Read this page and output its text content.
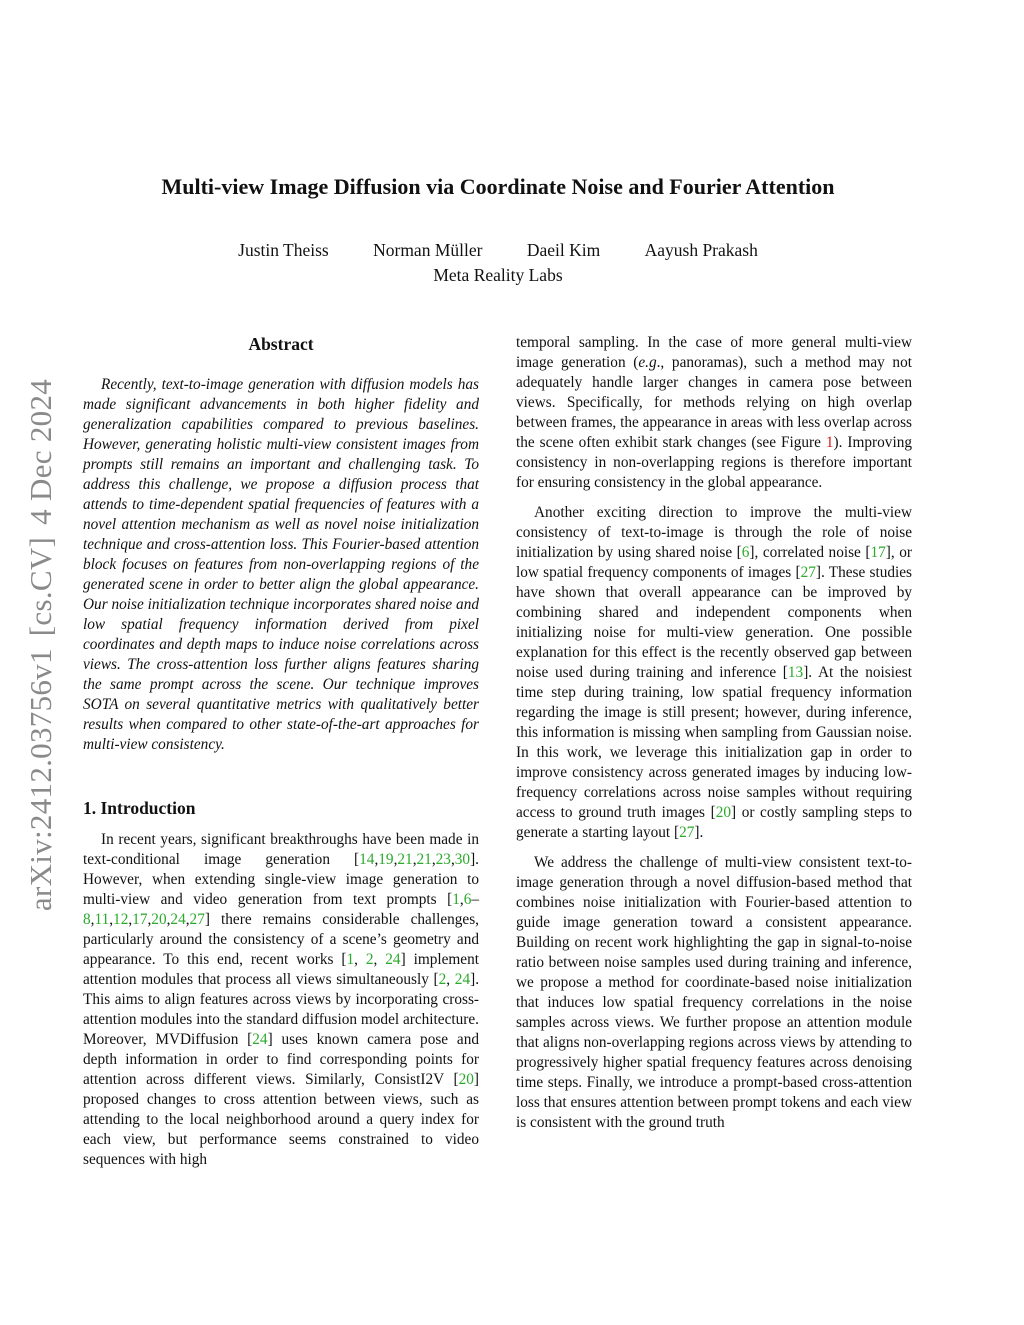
arXiv:2412.03756v1[cs.CV]4 Dec 2024
Multi-view Image Diffusion via Coordinate Noise and Fourier Attention
Justin Theiss	Norman Müller	Daeil Kim	Aayush Prakash
Meta Reality Labs
Abstract

Recently, text-to-image generation with diffusion models has made significant advancements in both higher fidelity and generalization capabilities compared to previous baselines. However, generating holistic multi-view consistent images from prompts still remains an important and challenging task. To address this challenge, we propose a diffusion process that attends to time-dependent spatial frequencies of features with a novel attention mechanism as well as novel noise initialization technique and cross-attention loss. This Fourier-based attention block focuses on features from non-overlapping regions of the generated scene in order to better align the global appearance. Our noise initialization technique incorporates shared noise and low spatial frequency information derived from pixel coordinates and depth maps to induce noise correlations across views. The cross-attention loss further aligns features sharing the same prompt across the scene. Our technique improves SOTA on several quantitative metrics with qualitatively better results when compared to other state-of-the-art approaches for multi-view consistency.

1. Introduction

In recent years, significant breakthroughs have been made in text-conditional image generation [14,19,21,21,23,30]. However, when extending single-view image generation to multi-view and video generation from text prompts [1,6–8,11,12,17,20,24,27] there remains considerable challenges, particularly around the consistency of a scene’s geometry and appearance. To this end, recent works [1, 2, 24] implement attention modules that process all views simultaneously [2, 24]. This aims to align features across views by incorporating cross-attention modules into the standard diffusion model architecture. Moreover, MVDiffusion [24] uses known camera pose and depth information in order to find corresponding points for attention across different views. Similarly, ConsistI2V [20] proposed changes to cross attention between views, such as attending to the local neighborhood around a query index for each view, but performance seems constrained to video sequences with high

temporal sampling. In the case of more general multi-view image generation (e.g., panoramas), such a method may not adequately handle larger changes in camera pose between views. Specifically, for methods relying on high overlap between frames, the appearance in areas with less overlap across the scene often exhibit stark changes (see Figure 1). Improving consistency in non-overlapping regions is therefore important for ensuring consistency in the global appearance.

Another exciting direction to improve the multi-view consistency of text-to-image is through the role of noise initialization by using shared noise [6], correlated noise [17], or low spatial frequency components of images [27]. These studies have shown that overall appearance can be improved by combining shared and independent components when initializing noise for multi-view generation. One possible explanation for this effect is the recently observed gap between noise used during training and inference [13]. At the noisiest time step during training, low spatial frequency information regarding the image is still present; however, during inference, this information is missing when sampling from Gaussian noise. In this work, we leverage this initialization gap in order to improve consistency across generated images by inducing low-frequency correlations across noise samples without requiring access to ground truth images [20] or costly sampling steps to generate a starting layout [27].

We address the challenge of multi-view consistent text-to-image generation through a novel diffusion-based method that combines noise initialization with Fourier-based attention to guide image generation toward a consistent appearance. Building on recent work highlighting the gap in signal-to-noise ratio between noise samples used during training and inference, we propose a method for coordinate-based noise initialization that induces low spatial frequency correlations in the noise samples across views. We further propose an attention module that aligns non-overlapping regions across views by attending to progressively higher spatial frequency features across denoising time steps. Finally, we introduce a prompt-based cross-attention loss that ensures attention between prompt tokens and each view is consistent with the ground truth
